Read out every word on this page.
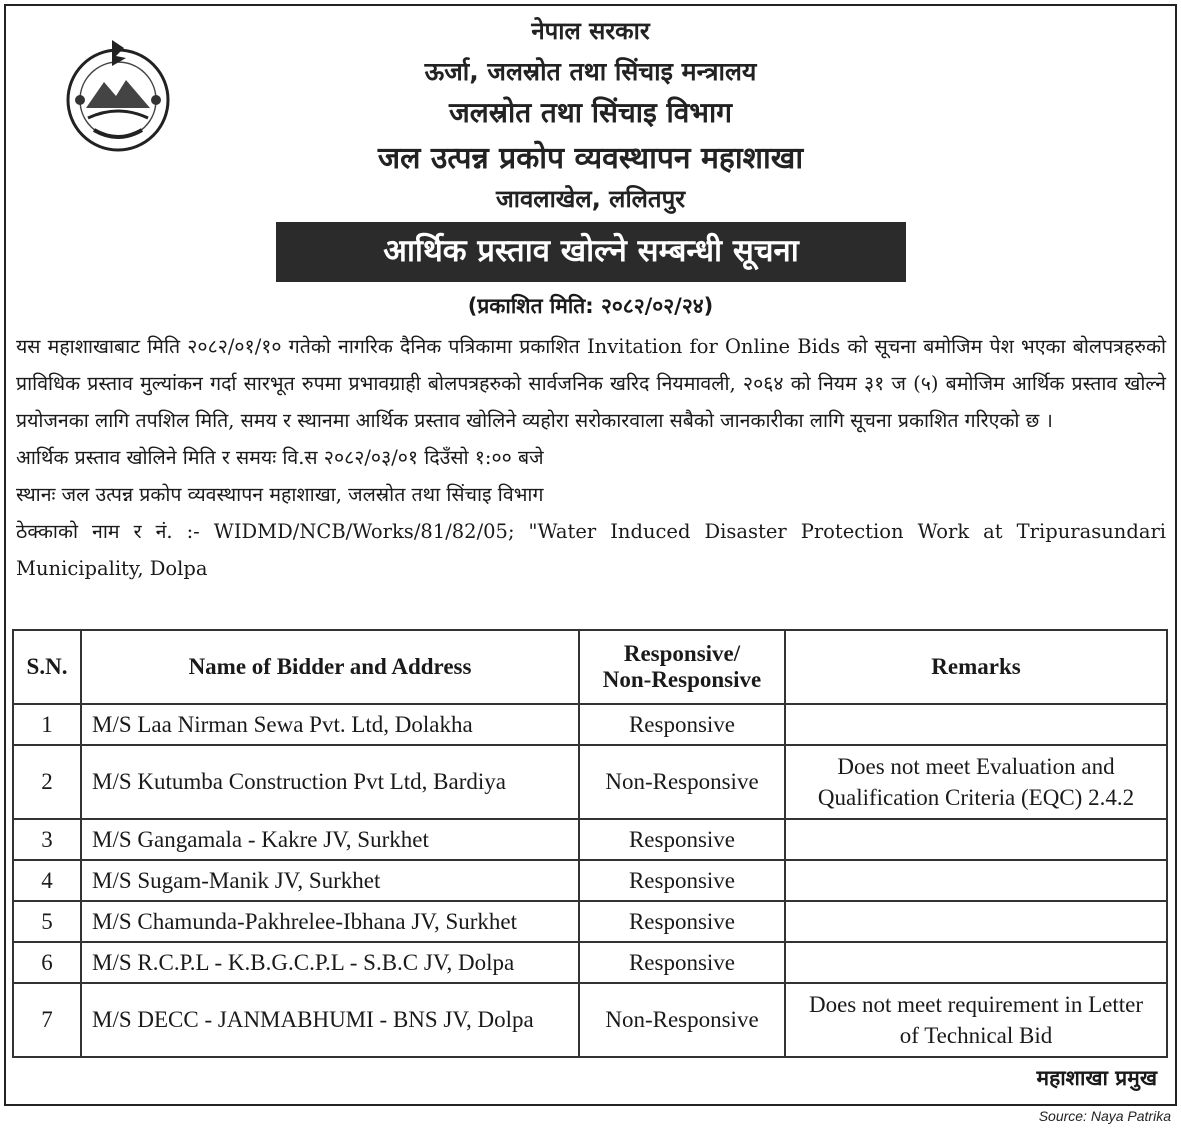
नेपाल सरकार
ऊर्जा, जलस्रोत तथा सिंचाइ मन्त्रालय
जलस्रोत तथा सिंचाइ विभाग
जल उत्पन्न प्रकोप व्यवस्थापन महाशाखा
जावलाखेल, ललितपुर
आर्थिक प्रस्ताव खोल्ने सम्बन्धी सूचना
(प्रकाशित मिति: २०८२/०२/२४)

यस महाशाखाबाट मिति २०८२/०१/१० गतेको नागरिक दैनिक पत्रिकामा प्रकाशित Invitation for Online Bids को सूचना बमोजिम पेश भएका बोलपत्रहरुको प्राविधिक प्रस्ताव मुल्यांकन गर्दा सारभूत रुपमा प्रभावग्राही बोलपत्रहरुको सार्वजनिक खरिद नियमावली, २०६४ को नियम ३१ ज (५) बमोजिम आर्थिक प्रस्ताव खोल्ने प्रयोजनका लागि तपशिल मिति, समय र स्थानमा आर्थिक प्रस्ताव खोलिने व्यहोरा सरोकारवाला सबैको जानकारीका लागि सूचना प्रकाशित गरिएको छ ।

आर्थिक प्रस्ताव खोलिने मिति र समयः वि.स २०८२/०३/०१ दिउँसो १:०० बजे

स्थानः जल उत्पन्न प्रकोप व्यवस्थापन महाशाखा, जलस्रोत तथा सिंचाइ विभाग

ठेक्काको नाम र नं. :- WIDMD/NCB/Works/81/82/05; "Water Induced Disaster Protection Work at Tripurasundari Municipality, Dolpa

S.N.	Name of Bidder and Address	Responsive/
Non-Responsive	Remarks
1	M/S Laa Nirman Sewa Pvt. Ltd, Dolakha	Responsive	
2	M/S Kutumba Construction Pvt Ltd, Bardiya	Non-Responsive	Does not meet Evaluation and
Qualification Criteria (EQC) 2.4.2
3	M/S Gangamala - Kakre JV, Surkhet	Responsive	
4	M/S Sugam-Manik JV, Surkhet	Responsive	
5	M/S Chamunda-Pakhrelee-Ibhana JV, Surkhet	Responsive	
6	M/S R.C.P.L - K.B.G.C.P.L - S.B.C JV, Dolpa	Responsive	
7	M/S DECC - JANMABHUMI - BNS JV, Dolpa	Non-Responsive	Does not meet requirement in Letter
of Technical Bid
महाशाखा प्रमुख
Source: Naya Patrika
